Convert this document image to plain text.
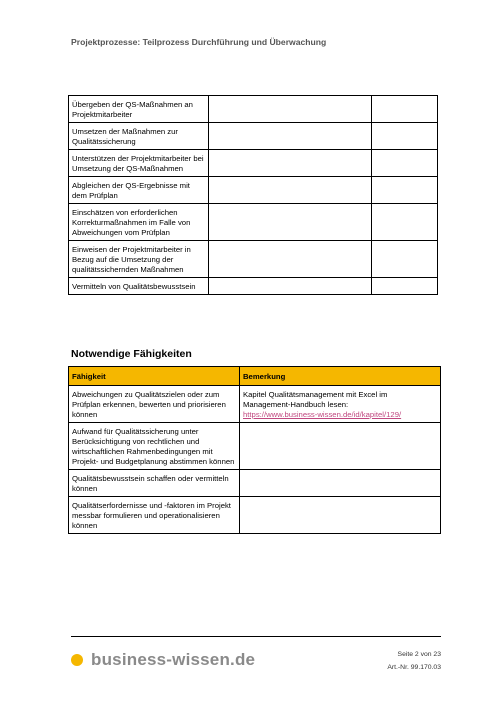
Projektprozesse: Teilprozess Durchführung und Überwachung
Übergeben der QS-Maßnahmen an Projektmitarbeiter		
Umsetzen der Maßnahmen zur Qualitätssicherung		
Unterstützen der Projektmitarbeiter bei Umsetzung der QS-Maßnahmen		
Abgleichen der QS-Ergebnisse mit dem Prüfplan		
Einschätzen von erforderlichen Korrekturmaßnahmen im Falle von Abweichungen vom Prüfplan		
Einweisen der Projektmitarbeiter in Bezug auf die Umsetzung der qualitätssichernden Maßnahmen		
Vermitteln von Qualitätsbewusstsein		
Notwendige Fähigkeiten
Fähigkeit	Bemerkung
Abweichungen zu Qualitätszielen oder zum Prüfplan erkennen, bewerten und priorisieren können	Kapitel Qualitätsmanagement mit Excel im Management-Handbuch lesen:
https://www.business-wissen.de/id/kapitel/129/
Aufwand für Qualitätssicherung unter Berücksichtigung von rechtlichen und wirtschaftlichen Rahmenbedingungen mit Projekt- und Budgetplanung abstimmen können	
Qualitätsbewusstsein schaffen oder vermitteln können	
Qualitätserfordernisse und -faktoren im Projekt messbar formulieren und operationalisieren können	
business-wissen.de	Seite 2 von 23
Art.-Nr. 99.170.03
